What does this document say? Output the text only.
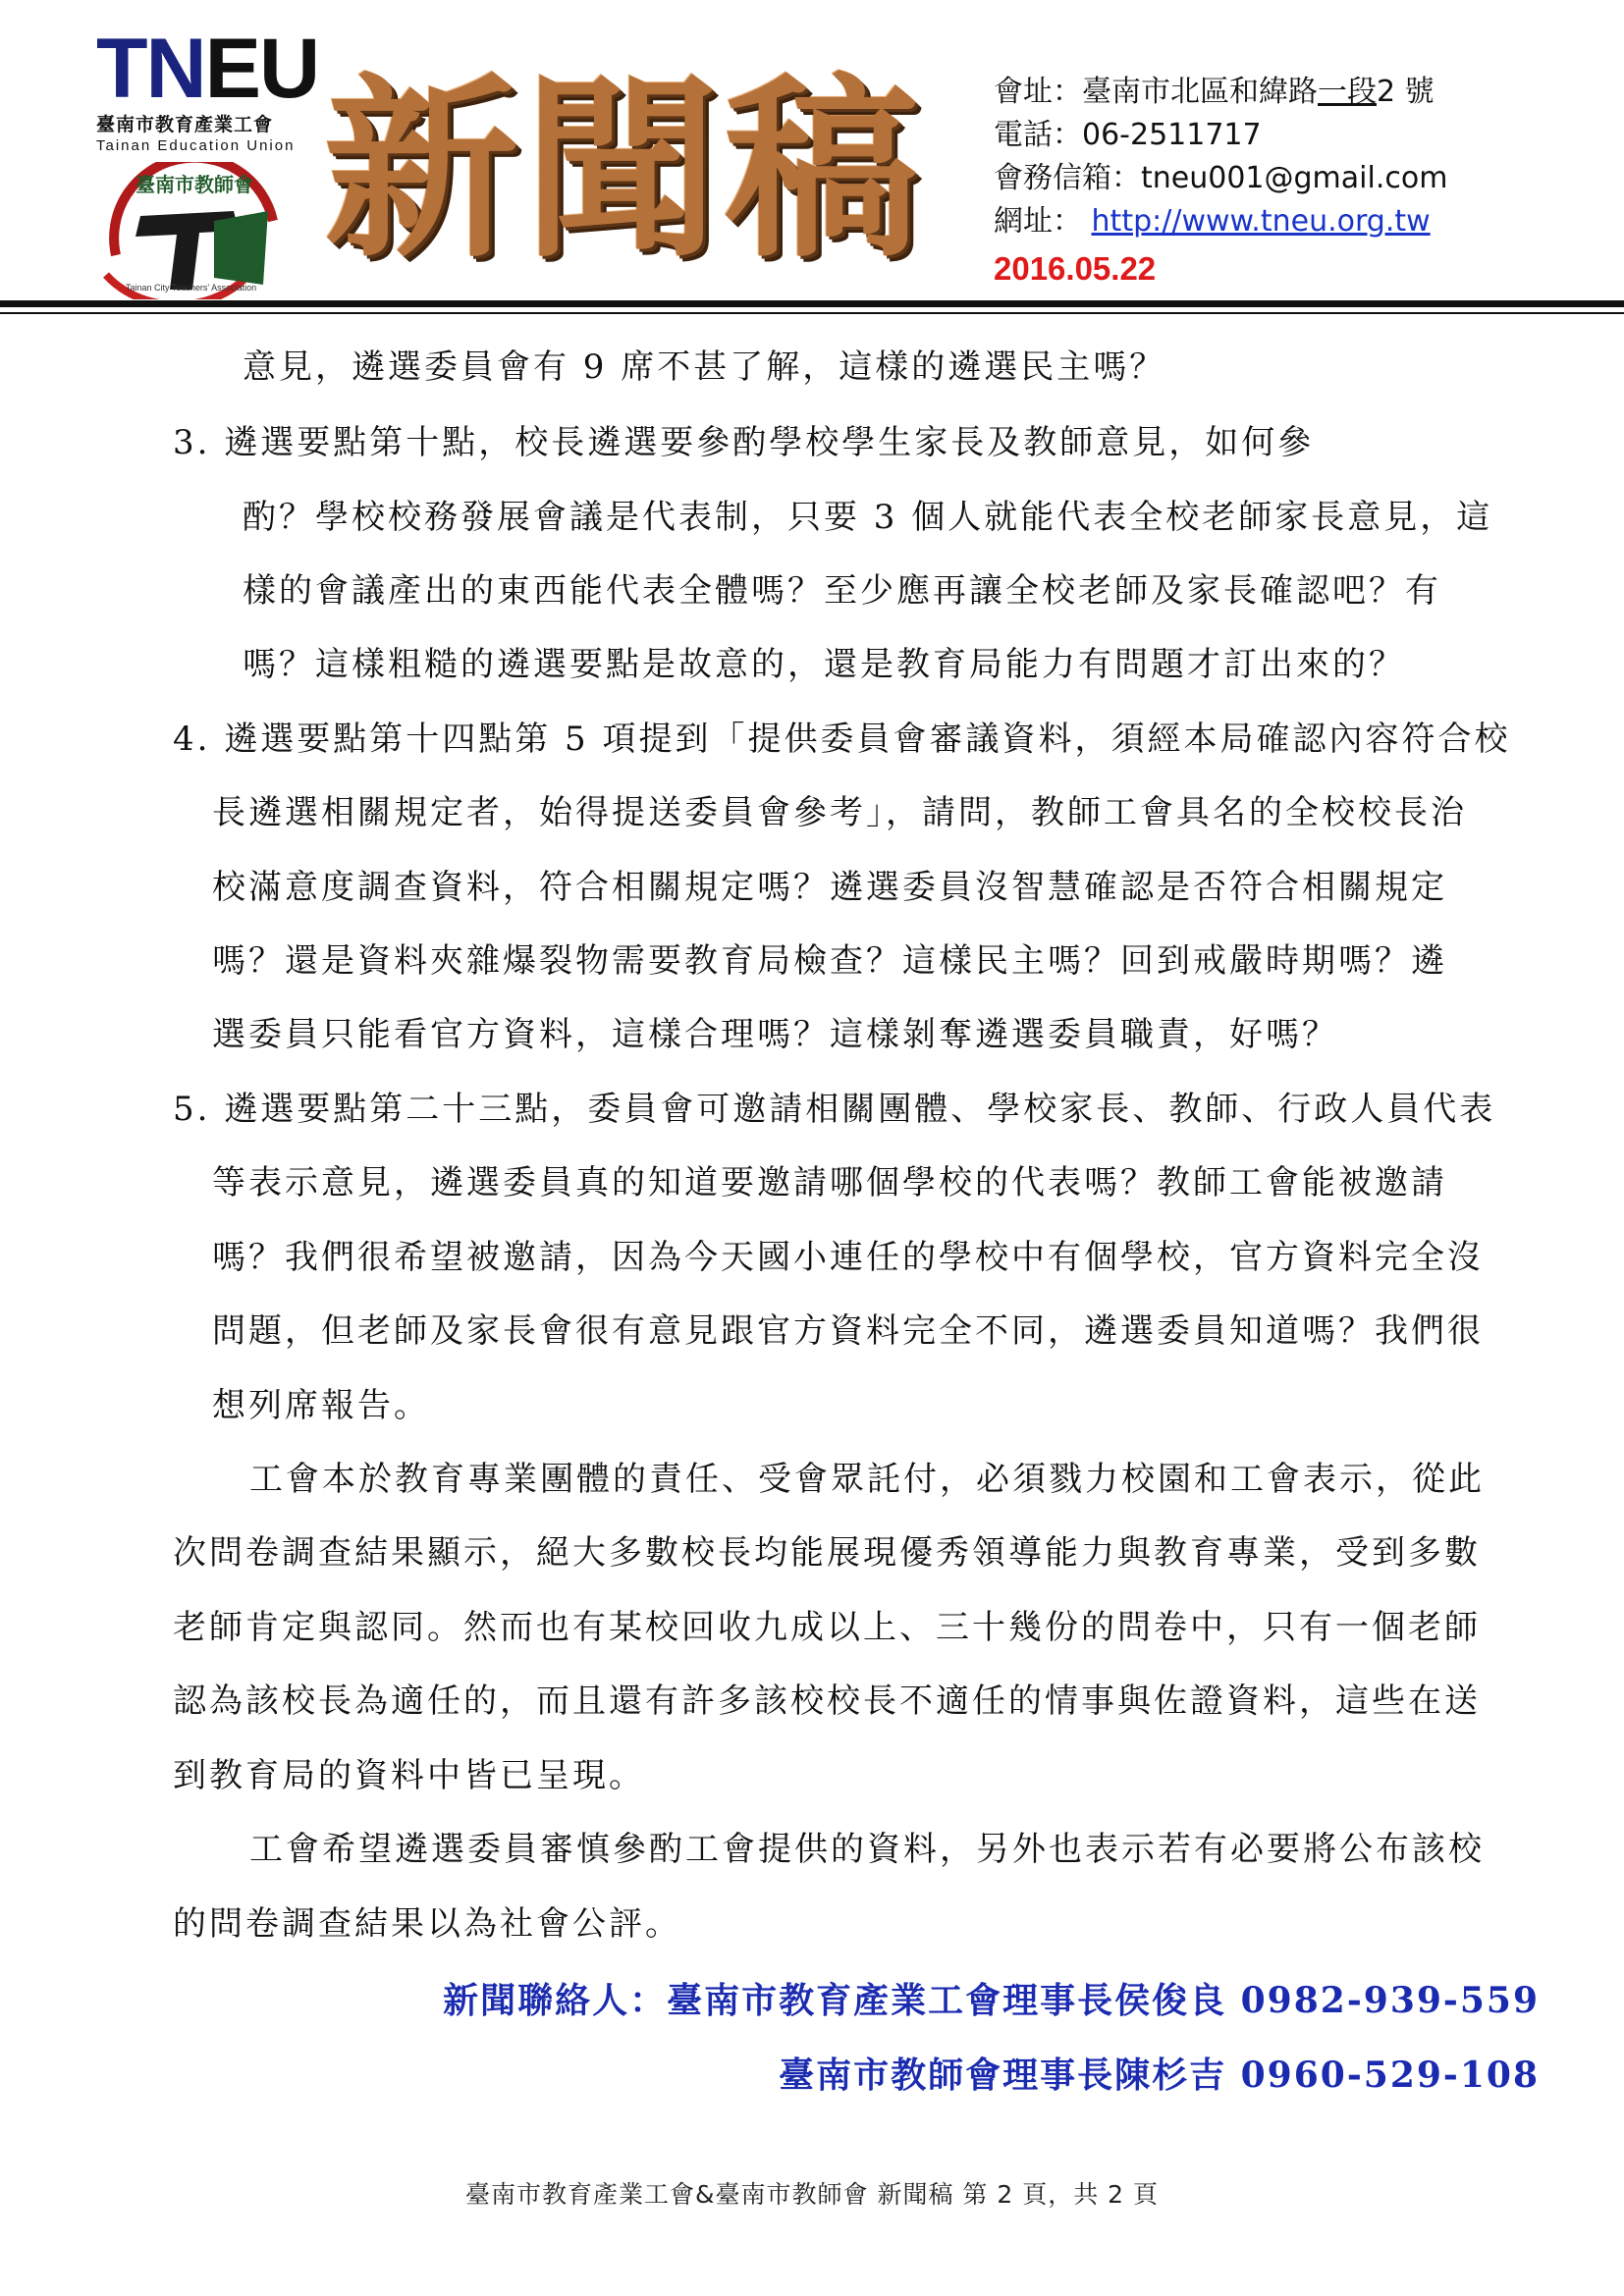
TNEU
臺南市教育產業工會
Tainan Education Union
臺南市教師會
Tainan City Teachers' Association
新聞稿	會址：臺南市北區和緯路一段2 號
電話：06-2511717
會務信箱：tneu001@gmail.com
網址： http://www.tneu.org.tw
2016.05.22
意見，遴選委員會有 9 席不甚了解，這樣的遴選民主嗎？
3. 遴選要點第十點，校長遴選要參酌學校學生家長及教師意見，如何參
酌？學校校務發展會議是代表制，只要 3 個人就能代表全校老師家長意見，這
樣的會議產出的東西能代表全體嗎？至少應再讓全校老師及家長確認吧？有
嗎？這樣粗糙的遴選要點是故意的，還是教育局能力有問題才訂出來的？
4. 遴選要點第十四點第 5 項提到「提供委員會審議資料，須經本局確認內容符合校
長遴選相關規定者，始得提送委員會參考」，請問，教師工會具名的全校校長治
校滿意度調查資料，符合相關規定嗎？遴選委員沒智慧確認是否符合相關規定
嗎？還是資料夾雜爆裂物需要教育局檢查？這樣民主嗎？回到戒嚴時期嗎？遴
選委員只能看官方資料，這樣合理嗎？這樣剝奪遴選委員職責，好嗎？
5. 遴選要點第二十三點，委員會可邀請相關團體、學校家長、教師、行政人員代表
等表示意見，遴選委員真的知道要邀請哪個學校的代表嗎？教師工會能被邀請
嗎？我們很希望被邀請，因為今天國小連任的學校中有個學校，官方資料完全沒
問題，但老師及家長會很有意見跟官方資料完全不同，遴選委員知道嗎？我們很
想列席報告。
工會本於教育專業團體的責任、受會眾託付，必須戮力校園和工會表示，從此
次問卷調查結果顯示，絕大多數校長均能展現優秀領導能力與教育專業，受到多數
老師肯定與認同。然而也有某校回收九成以上、三十幾份的問卷中，只有一個老師
認為該校長為適任的，而且還有許多該校校長不適任的情事與佐證資料，這些在送
到教育局的資料中皆已呈現。
工會希望遴選委員審慎參酌工會提供的資料，另外也表示若有必要將公布該校
的問卷調查結果以為社會公評。
新聞聯絡人：臺南市教育產業工會理事長侯俊良 0982-939-559
臺南市教師會理事長陳杉吉 0960-529-108
臺南市教育產業工會&臺南市教師會 新聞稿 第 2 頁，共 2 頁
